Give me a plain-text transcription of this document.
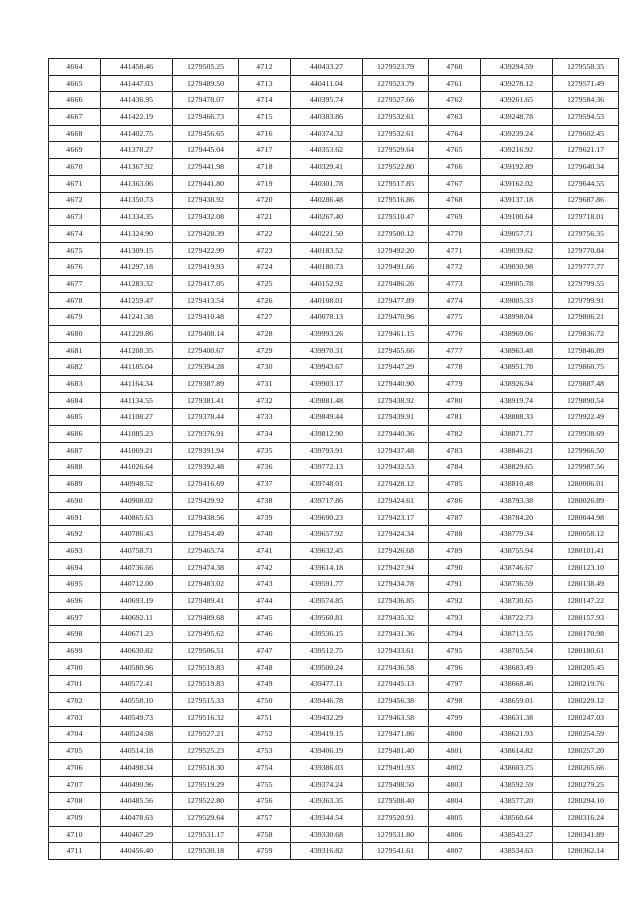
4664	441458.46	1279505.25	4712	440433.27	1279523.79	4760	439294.59	1279558.35
4665	441447.03	1279489.50	4713	440411.04	1279523.79	4761	439278.12	1279571.49
4666	441436.95	1279478.07	4714	440395.74	1279527.66	4762	439261.65	1279584.36
4667	441422.19	1279466.73	4715	440383.86	1279532.61	4763	439248.78	1279594.53
4668	441402.75	1279456.65	4716	440374.32	1279532.61	4764	439239.24	1279602.45
4669	441378.27	1279445.04	4717	440353.62	1279529.64	4765	439216.92	1279621.17
4670	441367.92	1279441.98	4718	440329.41	1279522.80	4766	439192.89	1279640.34
4671	441363.06	1279441.80	4719	440301.78	1279517.85	4767	439162.02	1279644.55
4672	441350.73	1279438.92	4720	440286.48	1279516.86	4768	439137.18	1279687.86
4673	441334.35	1279432.08	4721	440267.40	1279510.47	4769	439100.64	1279718.01
4674	441324.90	1279428.39	4722	440221.50	1279500.12	4770	439057.71	1279756.35
4675	441309.15	1279422.99	4723	440183.52	1279492.20	4771	439039.62	1279770.84
4676	441297.18	1279419.93	4724	440180.73	1279491.66	4772	439030.98	1279777.77
4677	441283.32	1279417.05	4725	440152.92	1279486.26	4773	439005.78	1279799.55
4678	441259.47	1279413.54	4726	440108.01	1279477.89	4774	439005.33	1279799.91
4679	441241.38	1279410.48	4727	440078.13	1279470.96	4775	438998.04	1279806.21
4680	441229.86	1279408.14	4728	439993.26	1279461.15	4776	438969.06	1279836.72
4681	441208.35	1279400.67	4729	439970.31	1279455.66	4777	438963.48	1279846.89
4682	441185.04	1279394.28	4730	439943.67	1279447.29	4778	438951.78	1279860.75
4683	441164.34	1279387.89	4731	439903.17	1279440.90	4779	438926.94	1279887.48
4684	441134.55	1279381.41	4732	439881.48	1279438.92	4780	438919.74	1279890.54
4685	441108.27	1279378.44	4733	439849.44	1279439.91	4781	438888.33	1279922.49
4686	441085.23	1279376.91	4734	439812.90	1279440.36	4782	438871.77	1279938.69
4687	441069.21	1279391.94	4735	439793.91	1279437.48	4783	438846.21	1279966.50
4688	441026.64	1279392.48	4736	439772.13	1279432.53	4784	438829.65	1279987.56
4689	440948.52	1279416.69	4737	439748.01	1279428.12	4785	438810.48	1280006.01
4690	440908.02	1279429.92	4738	439717.86	1279424.61	4786	438793.38	1280026.89
4691	440865.63	1279438.56	4739	439690.23	1279423.17	4787	438784.20	1280044.98
4692	440786.43	1279454.49	4740	439657.92	1279424.34	4788	438779.34	1280058.12
4693	440758.71	1279465.74	4741	439632.45	1279426.68	4789	438755.94	1280101.41
4694	440736.66	1279474.38	4742	439614.18	1279427.94	4790	438746.67	1280123.10
4695	440712.00	1279483.02	4743	439591.77	1279434.78	4791	438736.59	1280138.49
4696	440693.19	1279489.41	4744	439574.85	1279436.85	4792	438730.65	1280147.22
4697	440692.11	1279489.68	4745	439560.81	1279435.32	4793	438722.73	1280157.93
4698	440671.23	1279495.62	4746	439536.15	1279431.36	4794	438713.55	1280170.98
4699	440630.82	1279506.51	4747	439512.75	1279433.61	4795	438705.54	1280180.61
4700	440580.96	1279519.83	4748	439500.24	1279436.58	4796	438683.49	1280205.45
4701	440572.41	1279519.83	4749	439477.11	1279445.13	4797	438668.46	1280219.76
4702	440558.10	1279515.33	4750	439446.78	1279456.38	4798	438659.01	1280229.12
4703	440549.73	1279516.32	4751	439432.29	1279463.58	4799	438631.38	1280247.03
4704	440524.08	1279527.21	4752	439419.15	1279471.86	4800	438621.93	1280254.59
4705	440514.18	1279525.23	4753	439406.19	1279481.40	4801	438614.82	1280257.20
4706	440498.34	1279518.30	4754	439386.03	1279491.93	4802	438603.75	1280265.66
4707	440490.96	1279519.29	4755	439374.24	1279498.50	4803	438592.59	1280279.25
4708	440485.56	1279522.80	4756	439363.35	1279508.40	4804	438577.20	1280294.10
4709	440478.63	1279529.64	4757	439344.54	1279520.91	4805	438560.64	1280316.24
4710	440467.29	1279531.17	4758	439330.68	1279531.80	4806	438543.27	1280341.89
4711	440456.40	1279530.18	4759	439316.82	1279541.61	4807	438534.63	1280362.14
